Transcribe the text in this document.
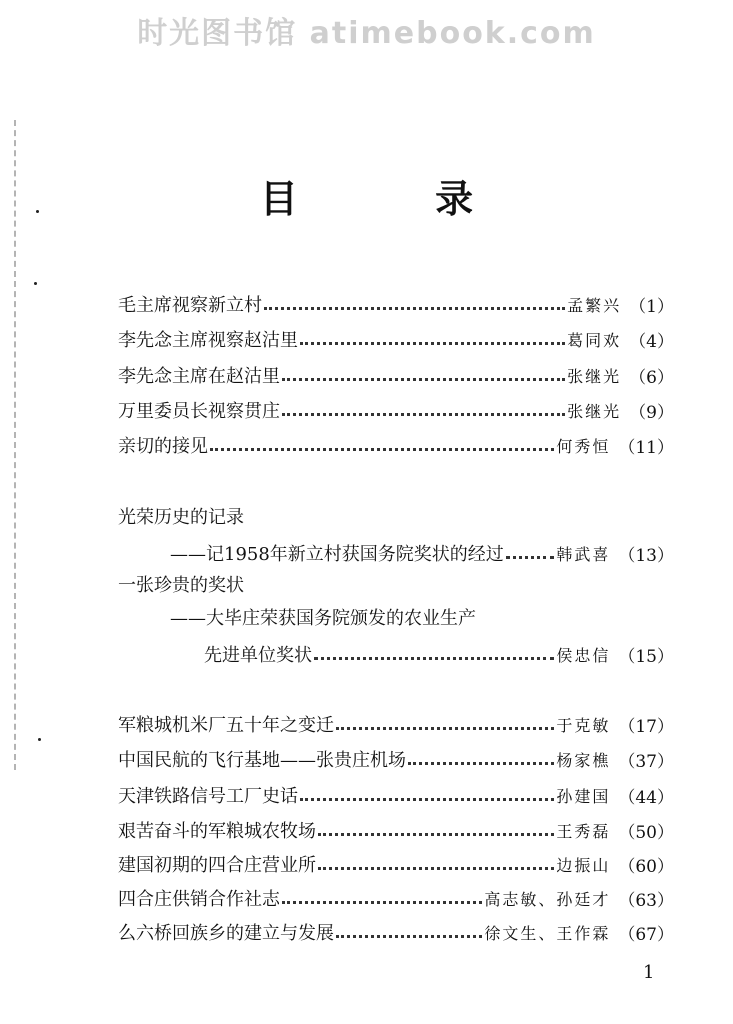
时光图书馆 atimebook.com
目 录
毛主席视察新立村	孟繁兴 （1）
李先念主席视察赵沽里	葛同欢 （4）
李先念主席在赵沽里	张继光 （6）
万里委员长视察贯庄	张继光 （9）
亲切的接见	何秀恒 （11）
光荣历史的记录
——记1958年新立村获国务院奖状的经过	韩武喜 （13）
一张珍贵的奖状
——大毕庄荣获国务院颁发的农业生产
先进单位奖状	侯忠信 （15）
军粮城机米厂五十年之变迁	于克敏 （17）
中国民航的飞行基地——张贵庄机场	杨家樵 （37）
天津铁路信号工厂史话	孙建国 （44）
艰苦奋斗的军粮城农牧场	王秀磊 （50）
建国初期的四合庄营业所	边振山 （60）
四合庄供销合作社志	高志敏、孙廷才 （63）
么六桥回族乡的建立与发展	徐文生、王作霖 （67）
1
